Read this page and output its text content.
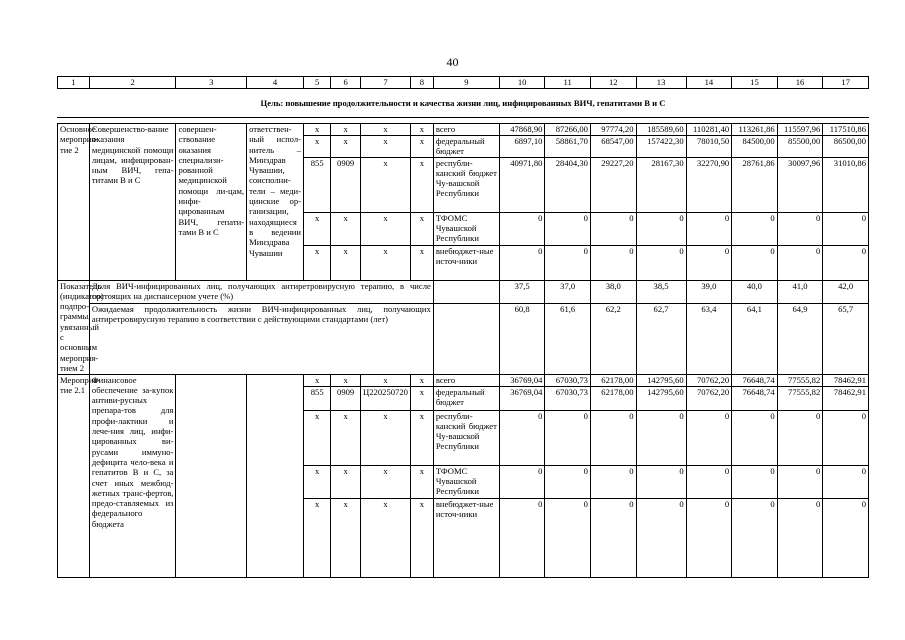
40
1	2	3	4	5	6	7	8	9	10	11	12	13	14	15	16	17
Цель: повышение продолжительности и качества жизни лиц, инфицированных ВИЧ, гепатитами В и С																

Основное мероприя-тие 2	Совершенство-вание оказания медицинской помощи лицам, инфицирован-ным ВИЧ, гепа-титами В и С	совершен-ствование оказания специализи-рованной медицинской помощи ли-цам, инфи-цированным ВИЧ, гепати-тами В и С	ответствен-ный испол-нитель – Минздрав Чувашии, соисполни-тели – меди-цинские ор-ганизации, находящиеся в ведении Минздрава Чувашии	х	х	х	х	всего	47868,90	87266,00	97774,20	185589,60	110281,40	113261,86	115597,96	117510,86
				х	х	х	х	федеральный бюджет	6897,10	58861,70	68547,00	157422,30	78010,50	84500,00	85500,00	86500,00
				855	0909	х	х	республи-канский бюджет Чу-вашской Республики	40971,80	28404,30	29227,20	28167,30	32270,90	28761,86	30097,96	31010,86
				х	х	х	х	ТФОМС Чувашской Республики	0	0	0	0	0	0	0	0
				х	х	х	х	внебюджет-ные источ-ники	0	0	0	0	0	0	0	0
Показатель (индикатор) подпро-граммы, увязанный с основным мероприя-тием 2	Доля ВИЧ-инфицированных лиц, получающих антиретровирусную терапию, в числе состоящих на диспансерном учете (%)								37,5	37,0	38,0	38,5	39,0	40,0	41,0	42,0
	Ожидаемая продолжительность жизни ВИЧ-инфицированных лиц, получающих антиретровирусную терапию в соответствии с действующими стандартами (лет)								60,8	61,6	62,2	62,7	63,4	64,1	64,9	65,7
Мероприя-тие 2.1	Финансовое обеспечение за-купок антиви-русных препара-тов для профи-лактики и лече-ния лиц, инфи-цированных ви-русами иммуно-дефицита чело-века и гепатитов В и С, за счет иных межбюд-жетных транс-фертов, предо-ставляемых из федерального бюджета			х	х	х	х	всего	36769,04	67030,73	62178,00	142795,60	70762,20	76648,74	77555,82	78462,91
				855	0909	Ц220250720	х	федеральный бюджет	36769,04	67030,73	62178,00	142795,60	70762,20	76648,74	77555,82	78462,91
				х	х	х	х	республи-канский бюджет Чу-вашской Республики	0	0	0	0	0	0	0	0
				х	х	х	х	ТФОМС Чувашской Республики	0	0	0	0	0	0	0	0
				х	х	х	х	внебюджет-ные источ-ники	0	0	0	0	0	0	0	0
